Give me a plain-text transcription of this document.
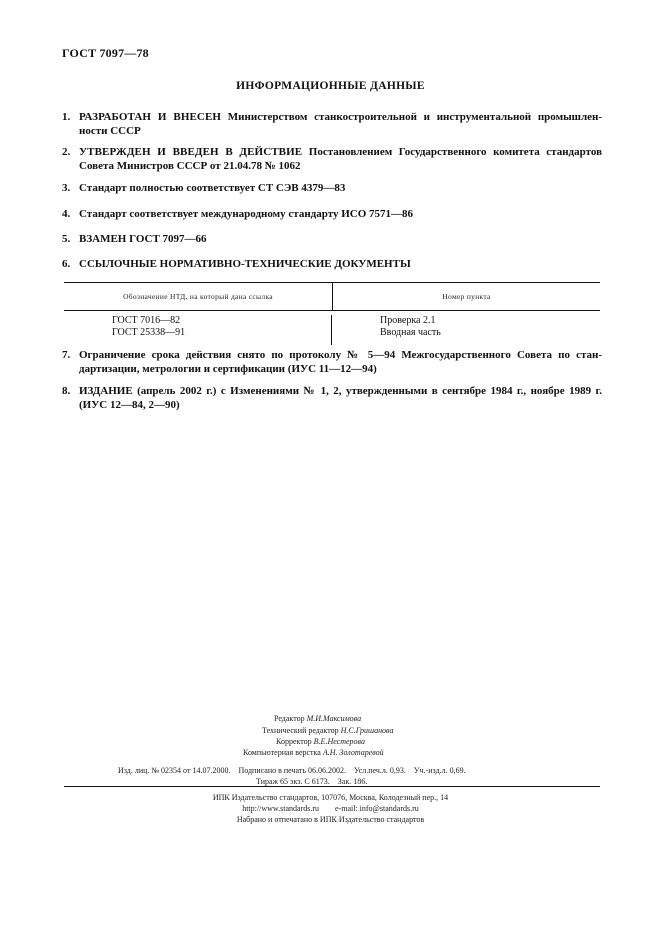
ГОСТ 7097—78
ИНФОРМАЦИОННЫЕ ДАННЫЕ
1. РАЗРАБОТАН И ВНЕСЕН Министерством станкостроительной и инструментальной промышлен-ности СССР
2. УТВЕРЖДЕН И ВВЕДЕН В ДЕЙСТВИЕ Постановлением Государственного комитета стандартов Совета Министров СССР от 21.04.78 № 1062
3. Стандарт полностью соответствует СТ СЭВ 4379—83
4. Стандарт соответствует международному стандарту ИСО 7571—86
5. ВЗАМЕН ГОСТ 7097—66
6. ССЫЛОЧНЫЕ НОРМАТИВНО-ТЕХНИЧЕСКИЕ ДОКУМЕНТЫ
Обозначение НТД, на который дана ссылка	Номер пункта
ГОСТ 7016—82
ГОСТ 25338—91
Проверка 2.1
Вводная часть
7. Ограничение срока действия снято по протоколу № 5—94 Межгосударственного Совета по стан-дартизации, метрологии и сертификации (ИУС 11—12—94)
8. ИЗДАНИЕ (апрель 2002 г.) с Изменениями № 1, 2, утвержденными в сентябре 1984 г., ноябре 1989 г. (ИУС 12—84, 2—90)
Редактор М.И.Максимова
Технический редактор Н.С.Гришанова
Корректор В.Е.Нестерова
Компьютерная верстка А.Н. Золотаревой
Изд. лиц. № 02354 от 14.07.2000.    Подписано в печать 06.06.2002.    Усл.печ.л. 0,93.    Уч.-изд.л. 0,69.
Тираж 65 экз. С 6173.    Зак. 186.
ИПК Издательство стандартов, 107076, Москва, Колодезный пер., 14
http://www.standards.ru        e-mail: info@standards.ru
Набрано и отпечатано в ИПК Издательство стандартов
